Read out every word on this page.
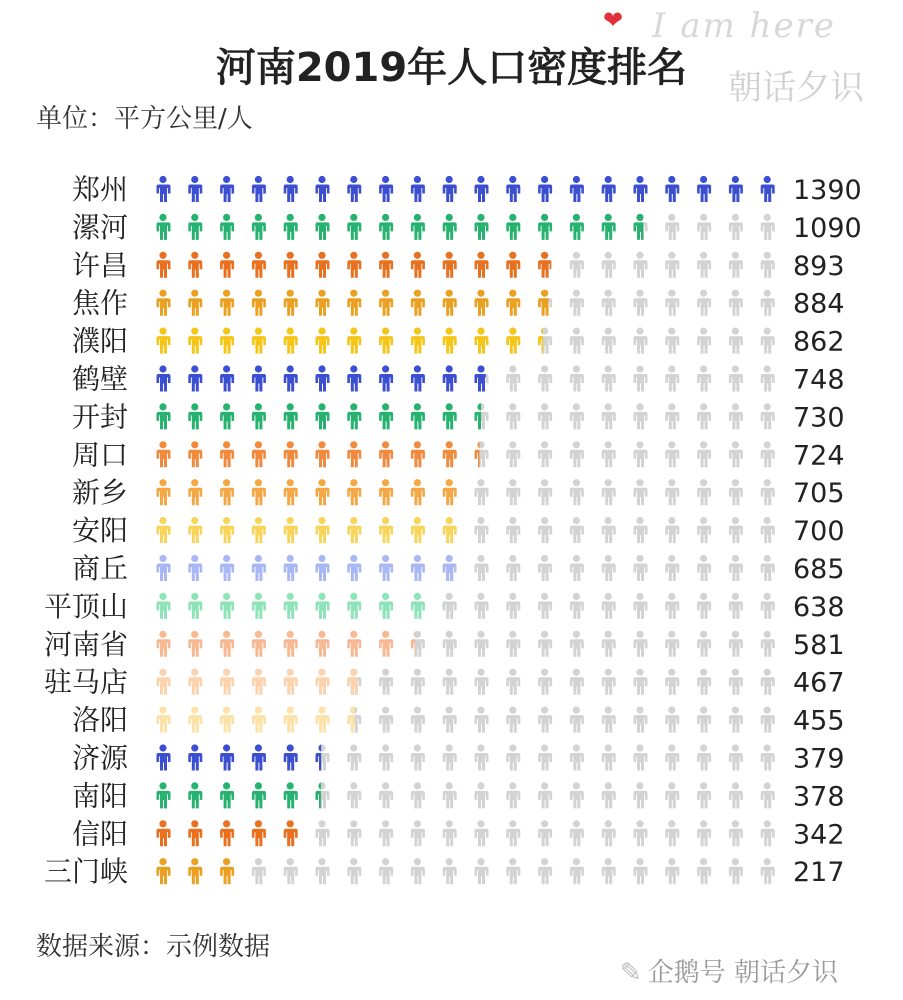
河南2019年人口密度排名
单位：平方公里/人
❤ I am here
朝话夕识
郑州	1390
漯河	1090
许昌	893
焦作	884
濮阳	862
鹤壁	748
开封	730
周口	724
新乡	705
安阳	700
商丘	685
平顶山	638
河南省	581
驻马店	467
洛阳	455
济源	379
南阳	378
信阳	342
三门峡	217
数据来源：示例数据
✎ 企鹅号 朝话夕识
